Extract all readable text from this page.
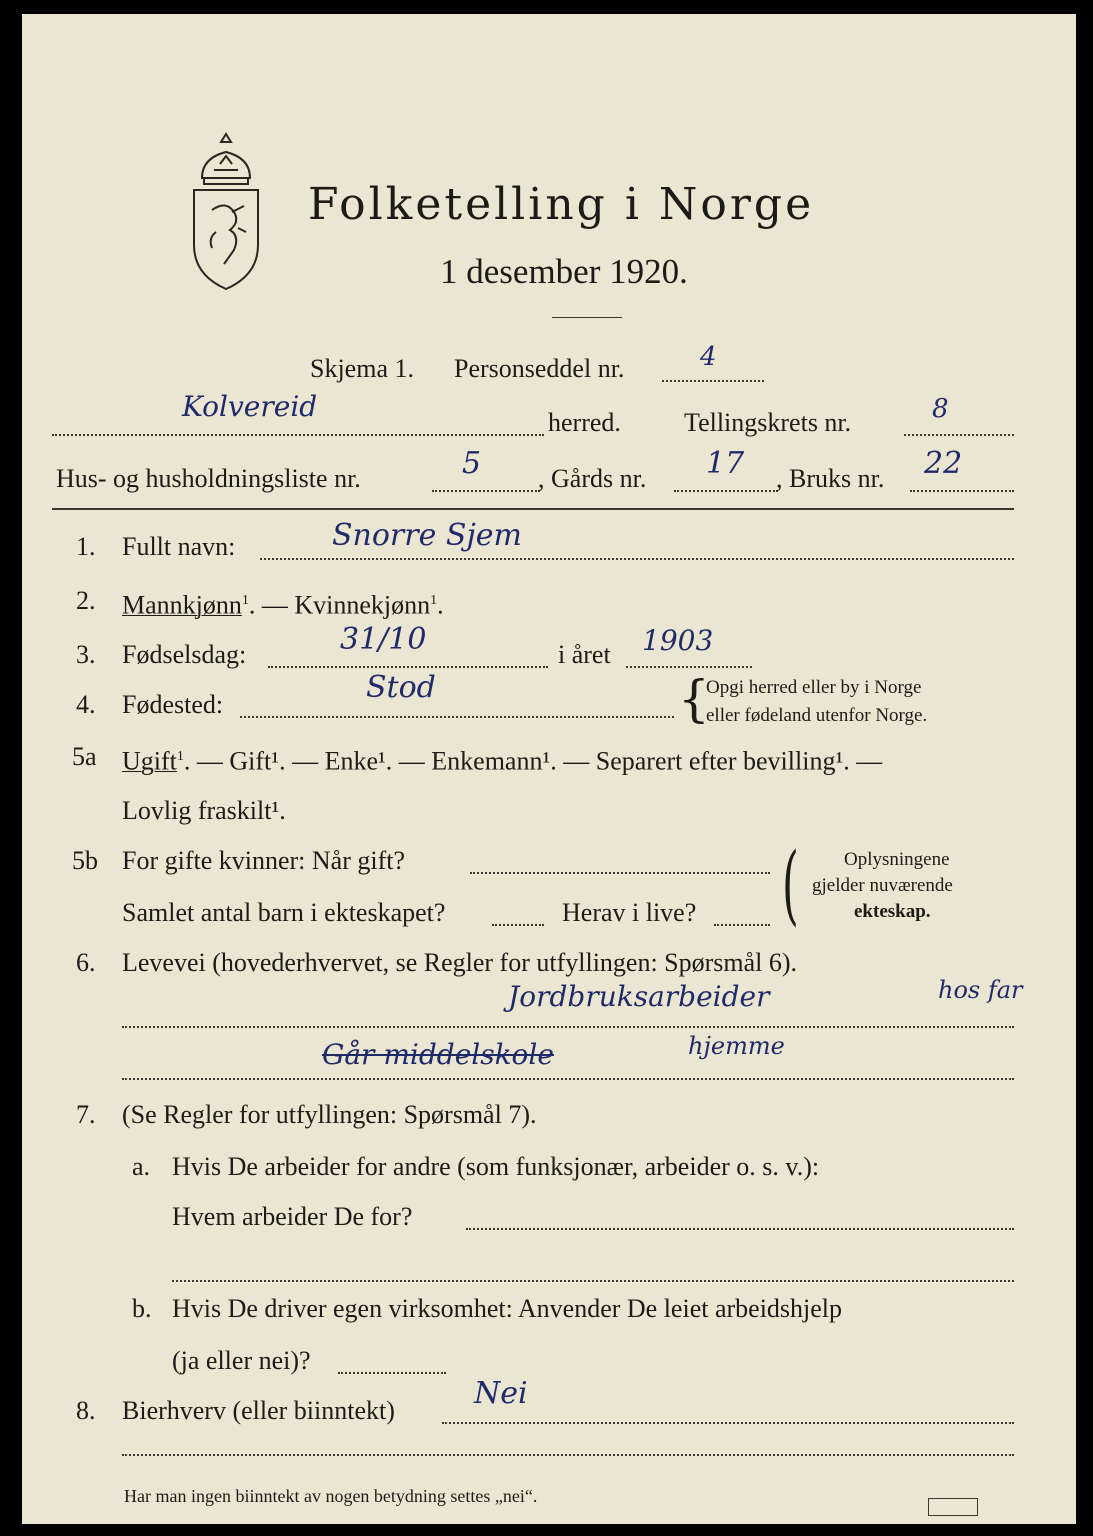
Folketelling i Norge
1 desember 1920.
Skjema 1. Personseddel nr.	4
Kolvereid	herred. Tellingskrets nr.	8
Hus- og husholdningsliste nr.	5 , Gårds nr. 17 , Bruks nr. 22
1. Fullt navn:	Snorre Sjem
2. Mannkjønn$^1$. — Kvinnekjønn$^1$.
3. Fødselsdag:	31/10	i året 1903
4. Fødested:	Stod	{
Opgi herred eller by i Norge
eller fødeland utenfor Norge.
5a Ugift$^1$. — Gift¹. — Enke¹. — Enkemann¹. — Separert efter bevilling¹. —
Lovlig fraskilt¹.
5b For gifte kvinner: Når gift?
Samlet antal barn i ekteskapet?	Herav i live? ( Oplysningene
gjelder nuværende
ekteskap.
6. Levevei (hovederhvervet, se Regler for utfyllingen: Spørsmål 6).
Jordbruksarbeider	hos far
Går middelskole	hjemme
7. (Se Regler for utfyllingen: Spørsmål 7).
a. Hvis De arbeider for andre (som funksjonær, arbeider o. s. v.):
Hvem arbeider De for?
b. Hvis De driver egen virksomhet: Anvender De leiet arbeidshjelp
(ja eller nei)?
8. Bierhverv (eller biinntekt)	Nei
Har man ingen biinntekt av nogen betydning settes „nei“.
